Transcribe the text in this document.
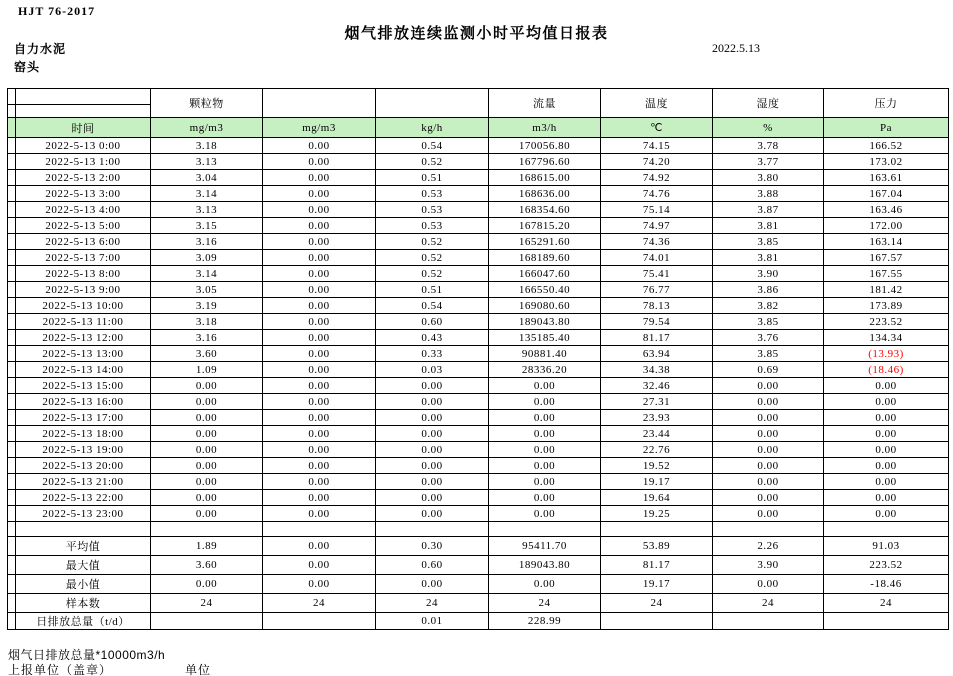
HJT 76-2017
烟气排放连续监测小时平均值日报表
自力水泥
窑头
2022.5.13
		颗粒物			流量	温度	湿度	压力

	时间	mg/m3	mg/m3	kg/h	m3/h	℃	%	Pa
	2022-5-13 0:00	3.18	0.00	0.54	170056.80	74.15	3.78	166.52
	2022-5-13 1:00	3.13	0.00	0.52	167796.60	74.20	3.77	173.02
	2022-5-13 2:00	3.04	0.00	0.51	168615.00	74.92	3.80	163.61
	2022-5-13 3:00	3.14	0.00	0.53	168636.00	74.76	3.88	167.04
	2022-5-13 4:00	3.13	0.00	0.53	168354.60	75.14	3.87	163.46
	2022-5-13 5:00	3.15	0.00	0.53	167815.20	74.97	3.81	172.00
	2022-5-13 6:00	3.16	0.00	0.52	165291.60	74.36	3.85	163.14
	2022-5-13 7:00	3.09	0.00	0.52	168189.60	74.01	3.81	167.57
	2022-5-13 8:00	3.14	0.00	0.52	166047.60	75.41	3.90	167.55
	2022-5-13 9:00	3.05	0.00	0.51	166550.40	76.77	3.86	181.42
	2022-5-13 10:00	3.19	0.00	0.54	169080.60	78.13	3.82	173.89
	2022-5-13 11:00	3.18	0.00	0.60	189043.80	79.54	3.85	223.52
	2022-5-13 12:00	3.16	0.00	0.43	135185.40	81.17	3.76	134.34
	2022-5-13 13:00	3.60	0.00	0.33	90881.40	63.94	3.85	(13.93)
	2022-5-13 14:00	1.09	0.00	0.03	28336.20	34.38	0.69	(18.46)
	2022-5-13 15:00	0.00	0.00	0.00	0.00	32.46	0.00	0.00
	2022-5-13 16:00	0.00	0.00	0.00	0.00	27.31	0.00	0.00
	2022-5-13 17:00	0.00	0.00	0.00	0.00	23.93	0.00	0.00
	2022-5-13 18:00	0.00	0.00	0.00	0.00	23.44	0.00	0.00
	2022-5-13 19:00	0.00	0.00	0.00	0.00	22.76	0.00	0.00
	2022-5-13 20:00	0.00	0.00	0.00	0.00	19.52	0.00	0.00
	2022-5-13 21:00	0.00	0.00	0.00	0.00	19.17	0.00	0.00
	2022-5-13 22:00	0.00	0.00	0.00	0.00	19.64	0.00	0.00
	2022-5-13 23:00	0.00	0.00	0.00	0.00	19.25	0.00	0.00

	平均值	1.89	0.00	0.30	95411.70	53.89	2.26	91.03
	最大值	3.60	0.00	0.60	189043.80	81.17	3.90	223.52
	最小值	0.00	0.00	0.00	0.00	19.17	0.00	-18.46
	样本数	24	24	24	24	24	24	24
	日排放总量（t/d）			0.01	228.99			
烟气日排放总量*10000m3/h
上报单位（盖章）	单位
